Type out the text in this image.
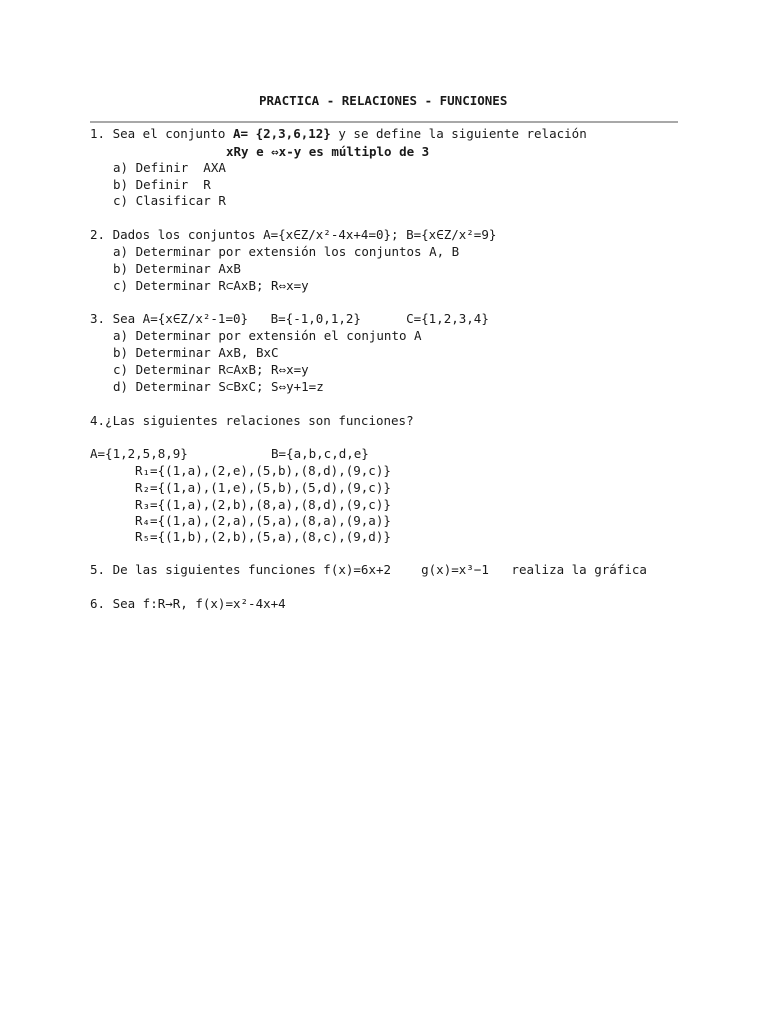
PRACTICA - RELACIONES - FUNCIONES
1. Sea el conjunto A= {2,3,6,12} y se define la siguiente relación
xRy e ⇔x-y es múltiplo de 3
a) Definir  AXA
b) Definir  R
c) Clasificar R
2. Dados los conjuntos A={x∈Z/x²-4x+4=0}; B={x∈Z/x²=9}
a) Determinar por extensión los conjuntos A, B
b) Determinar AxB
c) Determinar R⊂AxB; R⇔x=y
3. Sea A={x∈Z/x²-1=0}   B={-1,0,1,2}      C={1,2,3,4}
a) Determinar por extensión el conjunto A
b) Determinar AxB, BxC
c) Determinar R⊂AxB; R⇔x=y
d) Determinar S⊂BxC; S⇔y+1=z
4.¿Las siguientes relaciones son funciones?
A={1,2,5,8,9}	B={a,b,c,d,e}
R₁={(1,a),(2,e),(5,b),(8,d),(9,c)}
R₂={(1,a),(1,e),(5,b),(5,d),(9,c)}
R₃={(1,a),(2,b),(8,a),(8,d),(9,c)}
R₄={(1,a),(2,a),(5,a),(8,a),(9,a)}
R₅={(1,b),(2,b),(5,a),(8,c),(9,d)}
5. De las siguientes funciones f(x)=6x+2    g(x)=x³−1   realiza la gráfica
6. Sea f:R→R, f(x)=x²-4x+4
